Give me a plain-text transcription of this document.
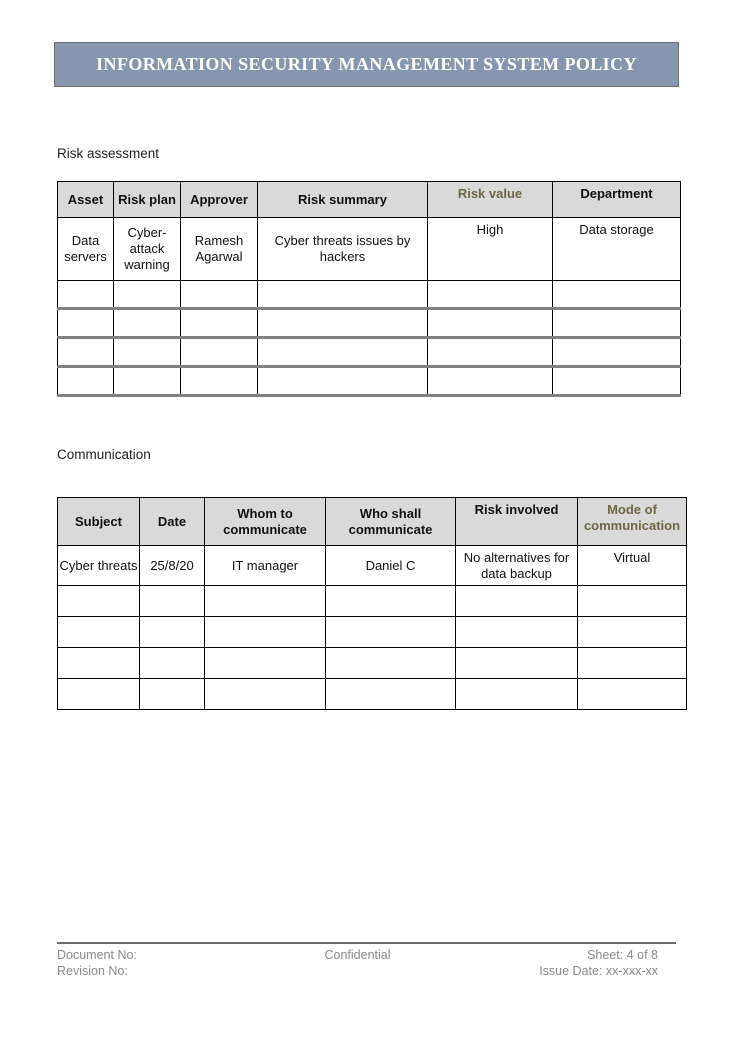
INFORMATION SECURITY MANAGEMENT SYSTEM POLICY
Risk assessment
Asset	Risk plan	Approver	Risk summary	Risk value	Department
Data servers	Cyber-attack warning	Ramesh Agarwal	Cyber threats issues by hackers	High	Data storage

Communication
Subject	Date	Whom to communicate	Who shall communicate	Risk involved	Mode of communication
Cyber threats	25/8/20	IT manager	Daniel C	No alternatives for data backup	Virtual

Document No:
Revision No:
Confidential	Sheet: 4 of 8
Issue Date: xx-xxx-xx
